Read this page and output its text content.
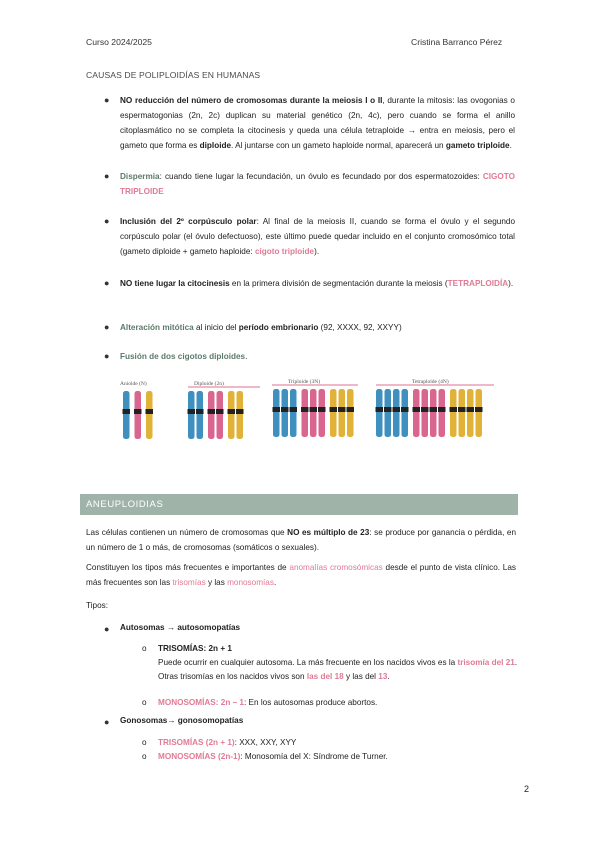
Curso 2024/2025	Cristina Barranco Pérez
CAUSAS DE POLIPLOIDÍAS EN HUMANAS
● NO reducción del número de cromosomas durante la meiosis I o II, durante la mitosis: las ovogonias o espermatogonias (2n, 2c) duplican su material genético (2n, 4c), pero cuando se forma el anillo citoplasmático no se completa la citocinesis y queda una célula tetraploide → entra en meiosis, pero el gameto que forma es diploide. Al juntarse con un gameto haploide normal, aparecerá un gameto triploide.
● Dispermia: cuando tiene lugar la fecundación, un óvulo es fecundado por dos espermatozoides: CIGOTO TRIPLOIDE
● Inclusión del 2º corpúsculo polar: Al final de la meiosis II, cuando se forma el óvulo y el segundo corpúsculo polar (el óvulo defectuoso), este último puede quedar incluido en el conjunto cromosómico total (gameto diploide + gameto haploide: cigoto triploide).
● NO tiene lugar la citocinesis en la primera división de segmentación durante la meiosis (TETRAPLOIDÍA).
● Alteración mitótica al inicio del período embrionario (92, XXXX, 92, XXYY)
● Fusión de dos cigotos diploides.
Aniolde (N)	Diploide (2n)	Triploide (3N)	Tetraplolde (4N)
ANEUPLOIDIAS
Las células contienen un número de cromosomas que NO es múltiplo de 23: se produce por ganancia o pérdida, en un número de 1 o más, de cromosomas (somáticos o sexuales).
Constituyen los tipos más frecuentes e importantes de anomalías cromosómicas desde el punto de vista clínico. Las más frecuentes son las trisomías y las monosomías.
Tipos:
● Autosomas → autosomopatías
o TRISOMÍAS: 2n + 1
Puede ocurrir en cualquier autosoma. La más frecuente en los nacidos vivos es la trisomía del 21. Otras trisomías en los nacidos vivos son las del 18 y las del 13.
o MONOSOMÍAS: 2n – 1: En los autosomas produce abortos.
● Gonosomas→ gonosomopatías
o TRISOMÍAS (2n + 1): XXX, XXY, XYY
o MONOSOMÍAS (2n-1): Monosomía del X: Síndrome de Turner.
2
